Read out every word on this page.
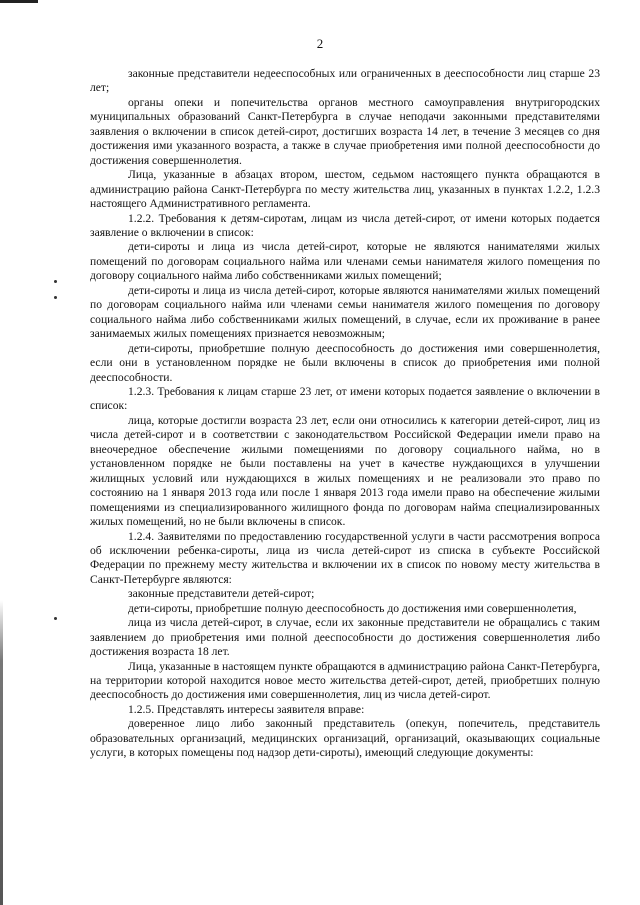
2

законные представители недееспособных или ограниченных в дееспособности лиц старше 23 лет;

органы опеки и попечительства органов местного самоуправления внутригородских муниципальных образований Санкт-Петербурга в случае неподачи законными представителями заявления о включении в список детей-сирот, достигших возраста 14 лет, в течение 3 месяцев со дня достижения ими указанного возраста, а также в случае приобретения ими полной дееспособности до достижения совершеннолетия.

Лица, указанные в абзацах втором, шестом, седьмом настоящего пункта обращаются в администрацию района Санкт-Петербурга по месту жительства лиц, указанных в пунктах 1.2.2, 1.2.3 настоящего Административного регламента.

1.2.2. Требования к детям-сиротам, лицам из числа детей-сирот, от имени которых подается заявление о включении в список:

дети-сироты и лица из числа детей-сирот, которые не являются нанимателями жилых помещений по договорам социального найма или членами семьи нанимателя жилого помещения по договору социального найма либо собственниками жилых помещений;

дети-сироты и лица из числа детей-сирот, которые являются нанимателями жилых помещений по договорам социального найма или членами семьи нанимателя жилого помещения по договору социального найма либо собственниками жилых помещений, в случае, если их проживание в ранее занимаемых жилых помещениях признается невозможным;

дети-сироты, приобретшие полную дееспособность до достижения ими совершеннолетия, если они в установленном порядке не были включены в список до приобретения ими полной дееспособности.

1.2.3. Требования к лицам старше 23 лет, от имени которых подается заявление о включении в список:

лица, которые достигли возраста 23 лет, если они относились к категории детей-сирот, лиц из числа детей-сирот и в соответствии с законодательством Российской Федерации имели право на внеочередное обеспечение жилыми помещениями по договору социального найма, но в установленном порядке не были поставлены на учет в качестве нуждающихся в улучшении жилищных условий или нуждающихся в жилых помещениях и не реализовали это право по состоянию на 1 января 2013 года или после 1 января 2013 года имели право на обеспечение жилыми помещениями из специализированного жилищного фонда по договорам найма специализированных жилых помещений, но не были включены в список.

1.2.4. Заявителями по предоставлению государственной услуги в части рассмотрения вопроса об исключении ребенка-сироты, лица из числа детей-сирот из списка в субъекте Российской Федерации по прежнему месту жительства и включении их в список по новому месту жительства в Санкт-Петербурге являются:

законные представители детей-сирот;

дети-сироты, приобретшие полную дееспособность до достижения ими совершеннолетия,

лица из числа детей-сирот, в случае, если их законные представители не обращались с таким заявлением до приобретения ими полной дееспособности до достижения совершеннолетия либо достижения возраста 18 лет.

Лица, указанные в настоящем пункте обращаются в администрацию района Санкт-Петербурга, на территории которой находится новое место жительства детей-сирот, детей, приобретших полную дееспособность до достижения ими совершеннолетия, лиц из числа детей-сирот.

1.2.5. Представлять интересы заявителя вправе:

доверенное лицо либо законный представитель (опекун, попечитель, представитель образовательных организаций, медицинских организаций, организаций, оказывающих социальные услуги, в которых помещены под надзор дети-сироты), имеющий следующие документы:
